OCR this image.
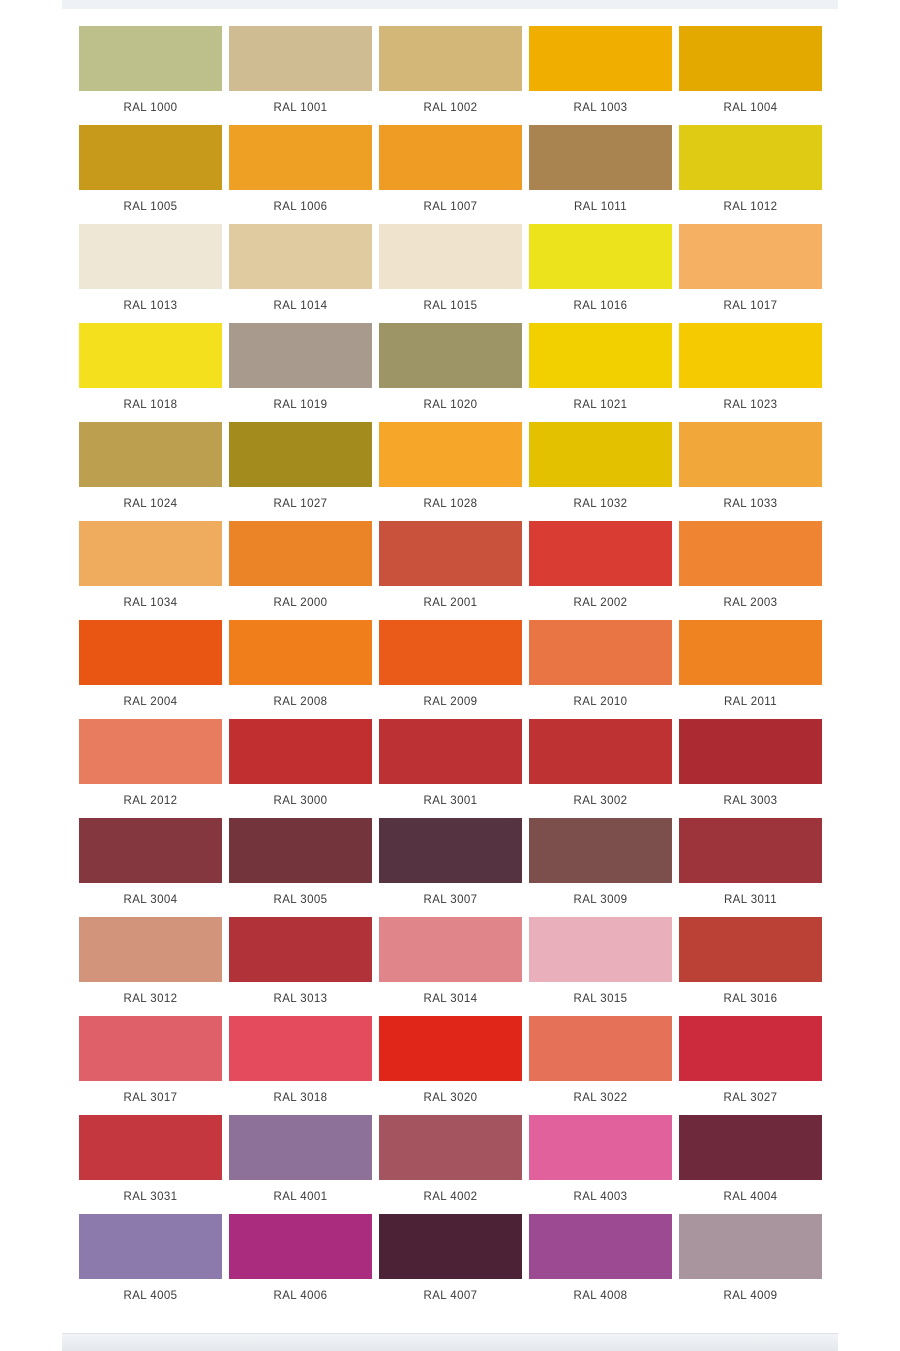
RAL 1000	RAL 1001	RAL 1002	RAL 1003	RAL 1004
RAL 1005	RAL 1006	RAL 1007	RAL 1011	RAL 1012
RAL 1013	RAL 1014	RAL 1015	RAL 1016	RAL 1017
RAL 1018	RAL 1019	RAL 1020	RAL 1021	RAL 1023
RAL 1024	RAL 1027	RAL 1028	RAL 1032	RAL 1033
RAL 1034	RAL 2000	RAL 2001	RAL 2002	RAL 2003
RAL 2004	RAL 2008	RAL 2009	RAL 2010	RAL 2011
RAL 2012	RAL 3000	RAL 3001	RAL 3002	RAL 3003
RAL 3004	RAL 3005	RAL 3007	RAL 3009	RAL 3011
RAL 3012	RAL 3013	RAL 3014	RAL 3015	RAL 3016
RAL 3017	RAL 3018	RAL 3020	RAL 3022	RAL 3027
RAL 3031	RAL 4001	RAL 4002	RAL 4003	RAL 4004
RAL 4005	RAL 4006	RAL 4007	RAL 4008	RAL 4009
